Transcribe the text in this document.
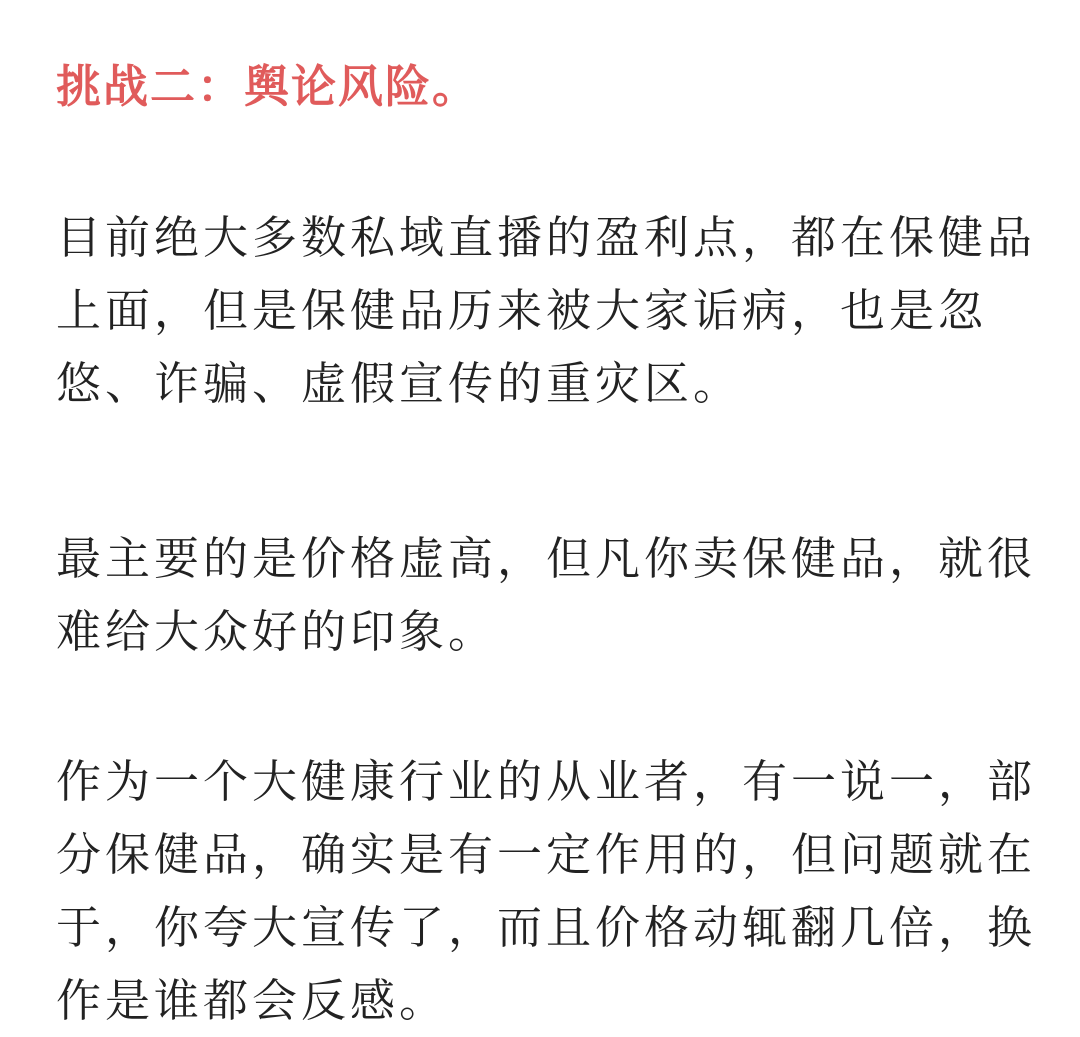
挑战二：舆论风险。

目前绝大多数私域直播的盈利点，都在保健品
上面，但是保健品历来被大家诟病，也是忽
悠、诈骗、虚假宣传的重灾区。

最主要的是价格虚高，但凡你卖保健品，就很
难给大众好的印象。

作为一个大健康行业的从业者，有一说一，部
分保健品，确实是有一定作用的，但问题就在
于，你夸大宣传了，而且价格动辄翻几倍，换
作是谁都会反感。
